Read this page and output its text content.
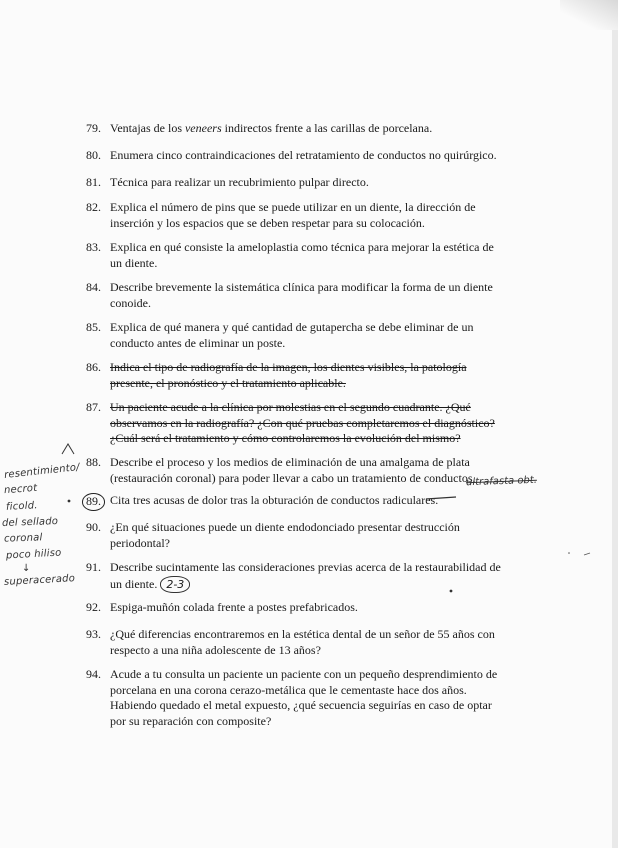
79. Ventajas de los veneers indirectos frente a las carillas de porcelana.
80. Enumera cinco contraindicaciones del retratamiento de conductos no quirúrgico.
81. Técnica para realizar un recubrimiento pulpar directo.
82. Explica el número de pins que se puede utilizar en un diente, la dirección de inserción y los espacios que se deben respetar para su colocación.
83. Explica en qué consiste la ameloplastia como técnica para mejorar la estética de un diente.
84. Describe brevemente la sistemática clínica para modificar la forma de un diente conoide.
85. Explica de qué manera y qué cantidad de gutapercha se debe eliminar de un conducto antes de eliminar un poste.
86. Indica el tipo de radiografía de la imagen, los dientes visibles, la patología presente, el pronóstico y el tratamiento aplicable.
87. Un paciente acude a la clínica por molestias en el segundo cuadrante. ¿Qué observamos en la radiografía? ¿Con qué pruebas completaremos el diagnóstico? ¿Cuál será el tratamiento y cómo controlaremos la evolución del mismo?
88. Describe el proceso y los medios de eliminación de una amalgama de plata (restauración coronal) para poder llevar a cabo un tratamiento de conductos.
89. Cita tres acusas de dolor tras la obturación de conductos radiculares.
90. ¿En qué situaciones puede un diente endodonciado presentar destrucción periodontal?
91. Describe sucintamente las consideraciones previas acerca de la restaurabilidad de un diente. 2-3
92. Espiga-muñón colada frente a postes prefabricados.
93. ¿Qué diferencias encontraremos en la estética dental de un señor de 55 años con respecto a una niña adolescente de 13 años?
94. Acude a tu consulta un paciente un paciente con un pequeño desprendimiento de porcelana en una corona cerazo-metálica que le cementaste hace dos años. Habiendo quedado el metal expuesto, ¿qué secuencia seguirías en caso de optar por su reparación con composite?
resentimiento/
necrot
ficold.
del sellado
coronal
poco hiliso
↓
superacerado
ultrafasta obt.
